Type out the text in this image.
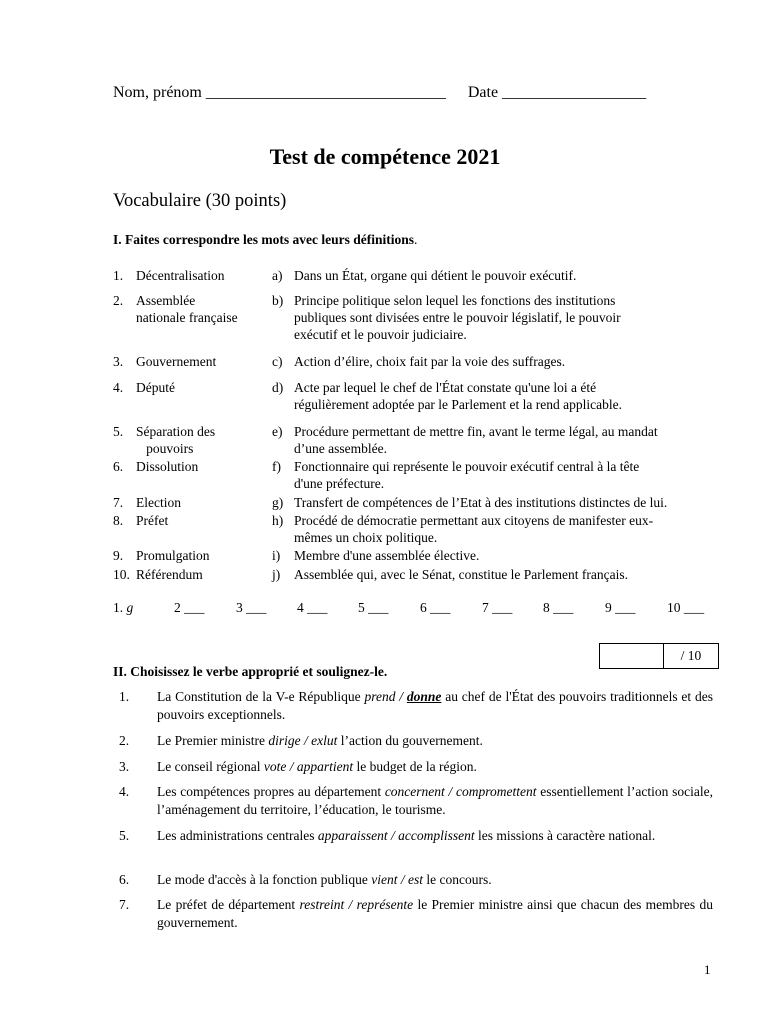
Nom, prénom ______________________________ Date __________________
Test de compétence 2021
Vocabulaire (30 points)
I. Faites correspondre les mots avec leurs définitions.
1. Décentralisation
2. Assemblée
nationale française
3. Gouvernement
4. Député
5. Séparation des
pouvoirs
6. Dissolution
7. Election
8. Préfet
9. Promulgation
10. Référendum
a) Dans un État, organe qui détient le pouvoir exécutif.
b) Principe politique selon lequel les fonctions des institutions
publiques sont divisées entre le pouvoir législatif, le pouvoir
exécutif et le pouvoir judiciaire.
c) Action d’élire, choix fait par la voie des suffrages.
d) Acte par lequel le chef de l'État constate qu'une loi a été
régulièrement adoptée par le Parlement et la rend applicable.
e) Procédure permettant de mettre fin, avant le terme légal, au mandat
d’une assemblée.
f) Fonctionnaire qui représente le pouvoir exécutif central à la tête
d'une préfecture.
g) Transfert de compétences de l’Etat à des institutions distinctes de lui.
h) Procédé de démocratie permettant aux citoyens de manifester eux-
mêmes un choix politique.
i) Membre d'une assemblée élective.
j) Assemblée qui, avec le Sénat, constitue le Parlement français.
1. g	2 ___ 3 ___ 4 ___ 5 ___ 6 ___ 7 ___ 8 ___ 9 ___ 10 ___
/ 10
II. Choisissez le verbe approprié et soulignez-le.
1. La Constitution de la V-e République prend / donne au chef de l'État des pouvoirs traditionnels et des pouvoirs exceptionnels.
2. Le Premier ministre dirige / exlut l’action du gouvernement.
3. Le conseil régional vote / appartient le budget de la région.
4. Les compétences propres au département concernent / compromettent essentiellement l’action sociale, l’aménagement du territoire, l’éducation, le tourisme.
5. Les administrations centrales apparaissent / accomplissent les missions à caractère national.
6. Le mode d'accès à la fonction publique vient / est le concours.
7. Le préfet de département restreint / représente le Premier ministre ainsi que chacun des membres du gouvernement.
1
